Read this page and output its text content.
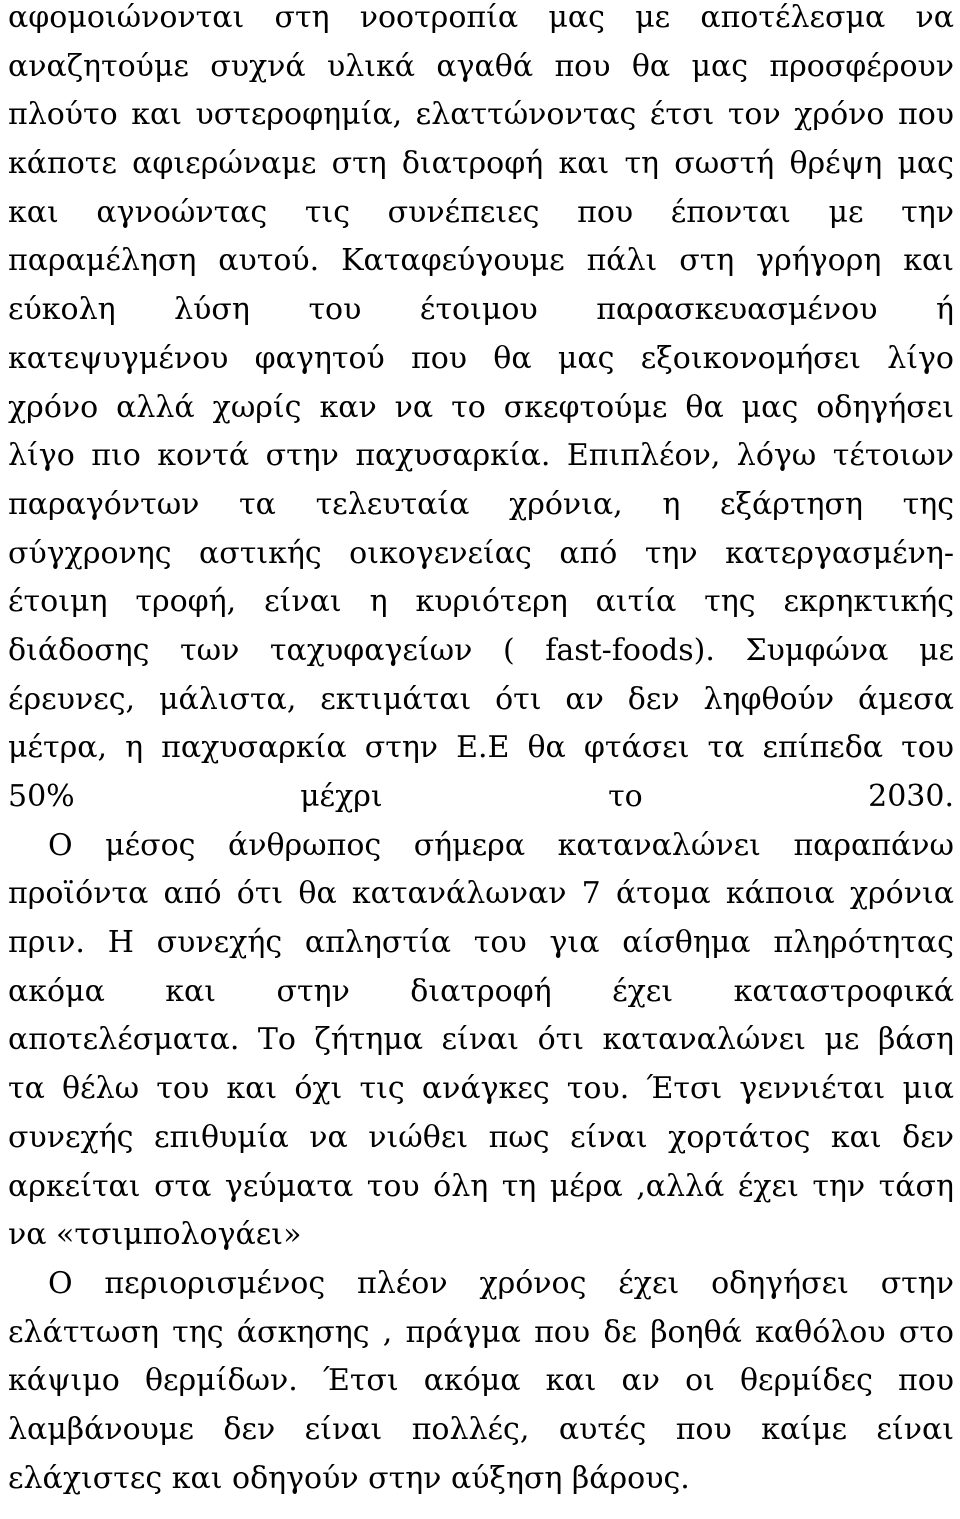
αφομοιώνονται στη νοοτροπία μας με αποτέλεσμα να
αναζητούμε συχνά υλικά αγαθά που θα μας προσφέρουν
πλούτο και υστεροφημία, ελαττώνοντας έτσι τον χρόνο που
κάποτε αφιερώναμε στη διατροφή και τη σωστή θρέψη μας
και αγνοώντας τις συνέπειες που έπονται με την
παραμέληση αυτού. Καταφεύγουμε πάλι στη γρήγορη και
εύκολη λύση του έτοιμου παρασκευασμένου ή
κατεψυγμένου φαγητού που θα μας εξοικονομήσει λίγο
χρόνο αλλά χωρίς καν να το σκεφτούμε θα μας οδηγήσει
λίγο πιο κοντά στην παχυσαρκία. Επιπλέον, λόγω τέτοιων
παραγόντων τα τελευταία χρόνια, η εξάρτηση της
σύγχρονης αστικής οικογενείας από την κατεργασμένη-
έτοιμη τροφή, είναι η κυριότερη αιτία της εκρηκτικής
διάδοσης των ταχυφαγείων ( fast-foods). Συμφώνα με
έρευνες, μάλιστα, εκτιμάται ότι αν δεν ληφθούν άμεσα
μέτρα, η παχυσαρκία στην Ε.Ε θα φτάσει τα επίπεδα του
50% μέχρι το 2030.
Ο μέσος άνθρωπος σήμερα καταναλώνει παραπάνω
προϊόντα από ότι θα κατανάλωναν 7 άτομα κάποια χρόνια
πριν. Η συνεχής απληστία του για αίσθημα πληρότητας
ακόμα και στην διατροφή έχει καταστροφικά
αποτελέσματα. Το ζήτημα είναι ότι καταναλώνει με βάση
τα θέλω του και όχι τις ανάγκες του. Έτσι γεννιέται μια
συνεχής επιθυμία να νιώθει πως είναι χορτάτος και δεν
αρκείται στα γεύματα του όλη τη μέρα ,αλλά έχει την τάση
να «τσιμπολογάει»
Ο περιορισμένος πλέον χρόνος έχει οδηγήσει στην
ελάττωση της άσκησης , πράγμα που δε βοηθά καθόλου στο
κάψιμο θερμίδων. Έτσι ακόμα και αν οι θερμίδες που
λαμβάνουμε δεν είναι πολλές, αυτές που καίμε είναι
ελάχιστες και οδηγούν στην αύξηση βάρους.
